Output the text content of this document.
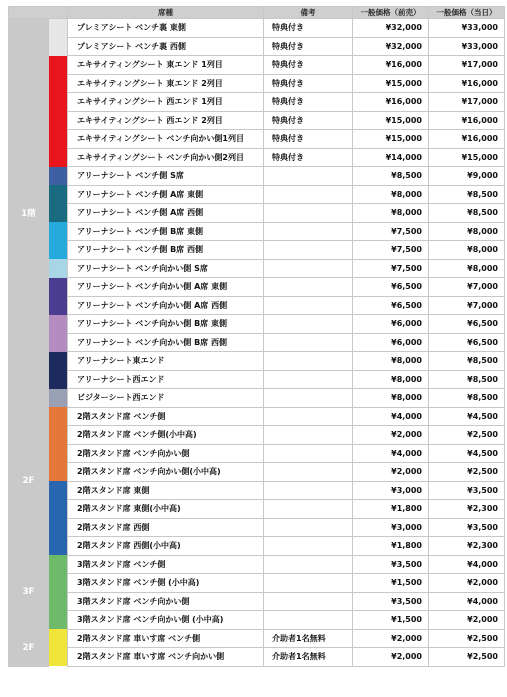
		席種	備考	一般価格（前売）	一般価格（当日）
1階		プレミアシート ベンチ裏 東側	特典付き	¥32,000	¥33,000
		プレミアシート ベンチ裏 西側	特典付き	¥32,000	¥33,000
		エキサイティングシート 東エンド 1列目	特典付き	¥16,000	¥17,000
		エキサイティングシート 東エンド 2列目	特典付き	¥15,000	¥16,000
		エキサイティングシート 西エンド 1列目	特典付き	¥16,000	¥17,000
		エキサイティングシート 西エンド 2列目	特典付き	¥15,000	¥16,000
		エキサイティングシート ベンチ向かい側1列目	特典付き	¥15,000	¥16,000
		エキサイティングシート ベンチ向かい側2列目	特典付き	¥14,000	¥15,000
		アリーナシート ベンチ側 S席		¥8,500	¥9,000
		アリーナシート ベンチ側 A席 東側		¥8,000	¥8,500
		アリーナシート ベンチ側 A席 西側		¥8,000	¥8,500
		アリーナシート ベンチ側 B席 東側		¥7,500	¥8,000
		アリーナシート ベンチ側 B席 西側		¥7,500	¥8,000
		アリーナシート ベンチ向かい側 S席		¥7,500	¥8,000
		アリーナシート ベンチ向かい側 A席 東側		¥6,500	¥7,000
		アリーナシート ベンチ向かい側 A席 西側		¥6,500	¥7,000
		アリーナシート ベンチ向かい側 B席 東側		¥6,000	¥6,500
		アリーナシート ベンチ向かい側 B席 西側		¥6,000	¥6,500
		アリーナシート東エンド		¥8,000	¥8,500
		アリーナシート西エンド		¥8,000	¥8,500
		ビジターシート西エンド		¥8,000	¥8,500
2F		2階スタンド席 ベンチ側		¥4,000	¥4,500
		2階スタンド席 ベンチ側(小中高)		¥2,000	¥2,500
		2階スタンド席 ベンチ向かい側		¥4,000	¥4,500
		2階スタンド席 ベンチ向かい側(小中高)		¥2,000	¥2,500
		2階スタンド席 東側		¥3,000	¥3,500
		2階スタンド席 東側(小中高)		¥1,800	¥2,300
		2階スタンド席 西側		¥3,000	¥3,500
		2階スタンド席 西側(小中高)		¥1,800	¥2,300
3F		3階スタンド席 ベンチ側		¥3,500	¥4,000
		3階スタンド席 ベンチ側 (小中高)		¥1,500	¥2,000
		3階スタンド席 ベンチ向かい側		¥3,500	¥4,000
		3階スタンド席 ベンチ向かい側 (小中高)		¥1,500	¥2,000
2F		2階スタンド席 車いす席 ベンチ側	介助者1名無料	¥2,000	¥2,500
		2階スタンド席 車いす席 ベンチ向かい側	介助者1名無料	¥2,000	¥2,500
